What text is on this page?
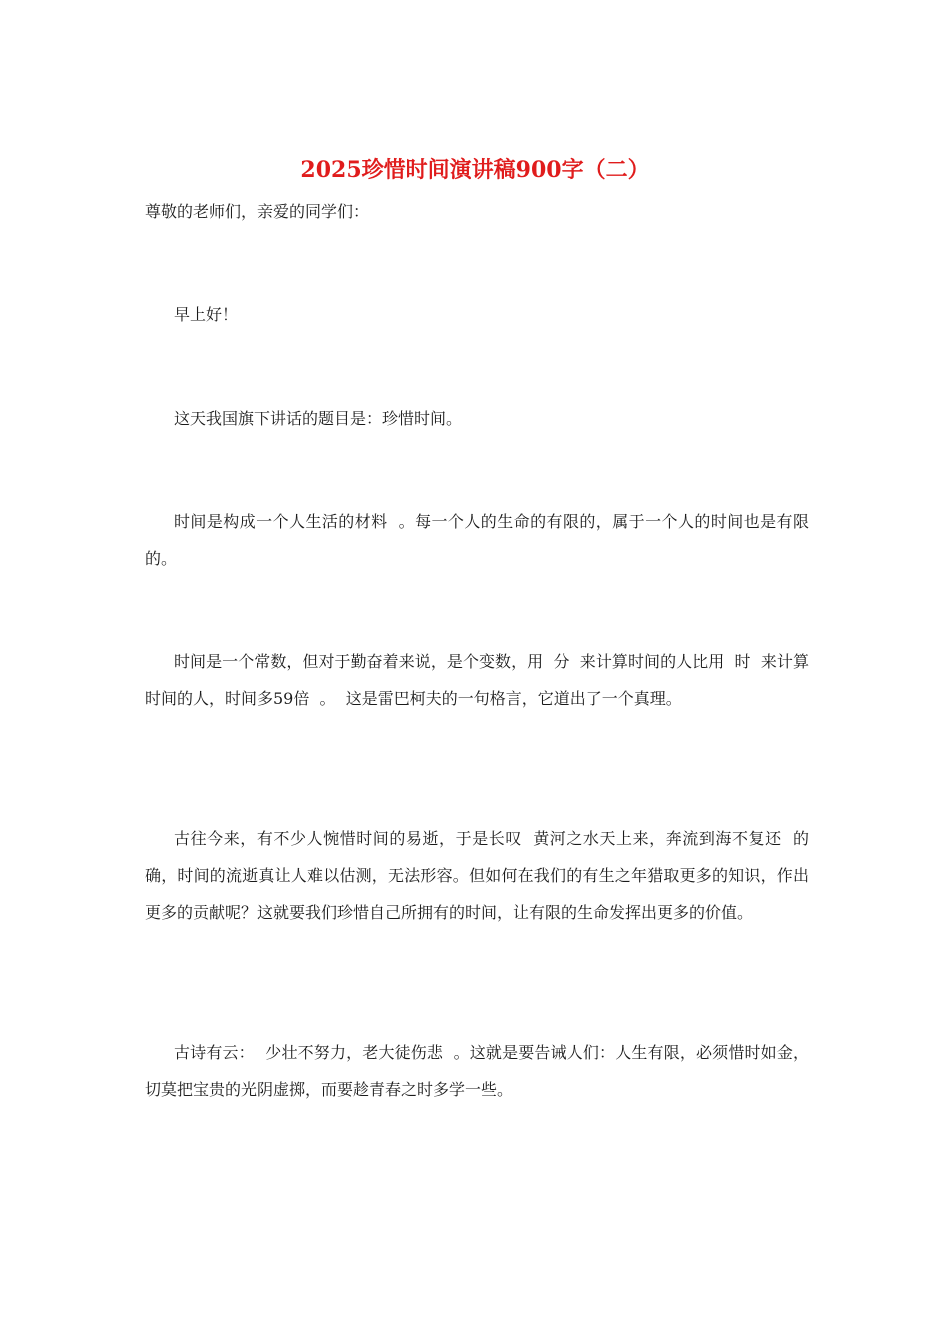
2025珍惜时间演讲稿900字（二）

尊敬的老师们，亲爱的同学们：

早上好！

这天我国旗下讲话的题目是：珍惜时间。

时间是构成一个人生活的材料  。每一个人的生命的有限的，属于一个人的时间也是有限的。

时间是一个常数，但对于勤奋着来说，是个变数，用  分  来计算时间的人比用  时  来计算时间的人，时间多59倍  。  这是雷巴柯夫的一句格言，它道出了一个真理。

古往今来，有不少人惋惜时间的易逝，于是长叹  黄河之水天上来，奔流到海不复还  的确，时间的流逝真让人难以估测，无法形容。但如何在我们的有生之年猎取更多的知识，作出更多的贡献呢？这就要我们珍惜自己所拥有的时间，让有限的生命发挥出更多的价值。

古诗有云：  少壮不努力，老大徒伤悲  。这就是要告诫人们：人生有限，必须惜时如金，切莫把宝贵的光阴虚掷，而要趁青春之时多学一些。
